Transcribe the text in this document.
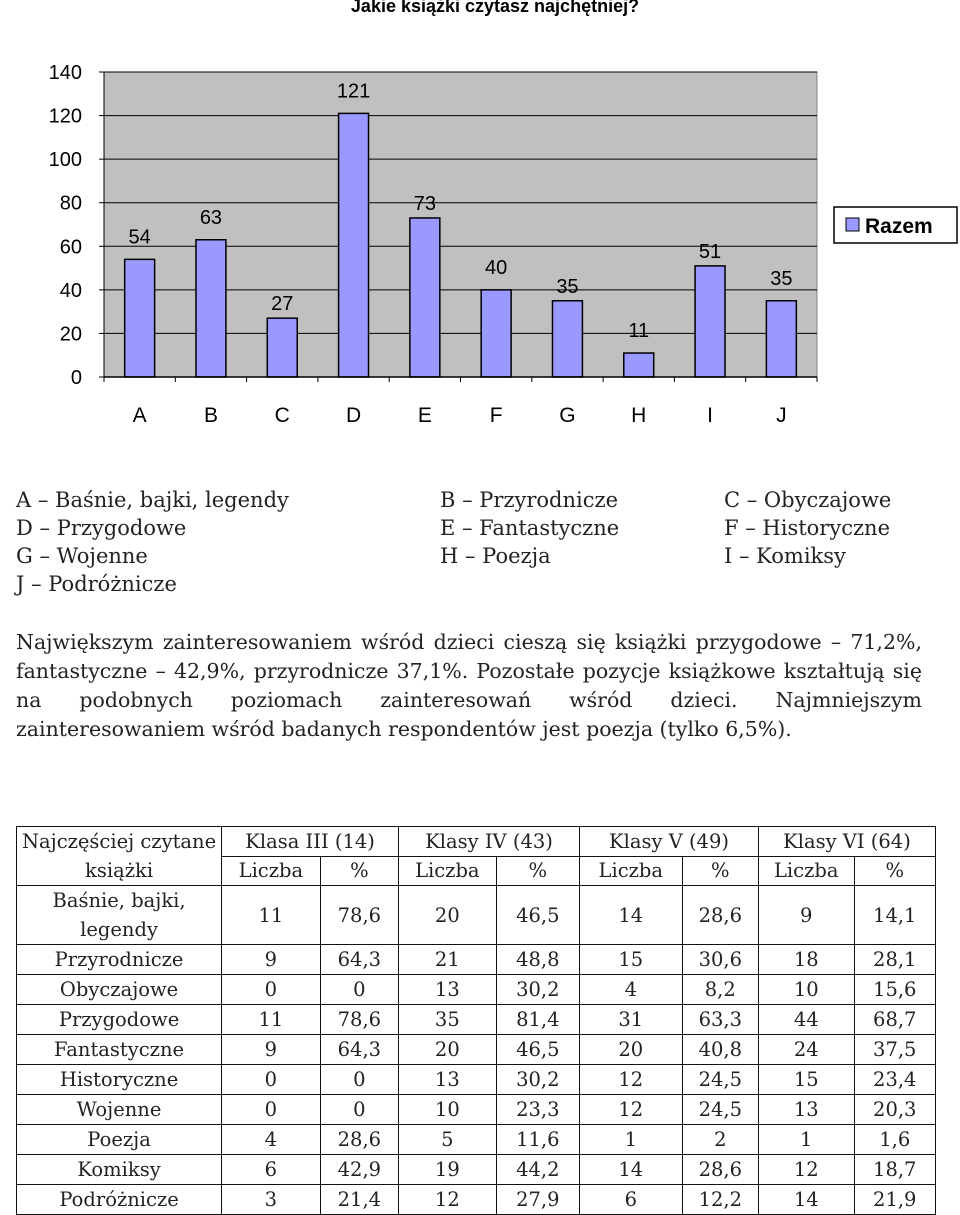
Jakie książki czytasz najchętniej?
54
63
27
121
73
40
35
11
51
35
0
20
40
60
80
100
120
140
A	B	C	D	E	F	G	H	I	J
Razem
A – Baśnie, bajki, legendy	B – Przyrodnicze	C – Obyczajowe
D – Przygodowe	E – Fantastyczne	F – Historyczne
G – Wojenne	H – Poezja	I – Komiksy
J – Podróżnicze

Największym zainteresowaniem wśród dzieci cieszą się książki przygodowe – 71,2%, fantastyczne – 42,9%, przyrodnicze 37,1%. Pozostałe pozycje książkowe kształtują się na podobnych poziomach zainteresowań wśród dzieci. Najmniejszym zainteresowaniem wśród badanych respondentów jest poezja (tylko 6,5%).

Najczęściej czytane książki	Klasa III (14)		Klasy IV (43)		Klasy V (49)		Klasy VI (64)	
	Liczba	%	Liczba	%	Liczba	%	Liczba	%
Baśnie, bajki, legendy	11	78,6	20	46,5	14	28,6	9	14,1
Przyrodnicze	9	64,3	21	48,8	15	30,6	18	28,1
Obyczajowe	0	0	13	30,2	4	8,2	10	15,6
Przygodowe	11	78,6	35	81,4	31	63,3	44	68,7
Fantastyczne	9	64,3	20	46,5	20	40,8	24	37,5
Historyczne	0	0	13	30,2	12	24,5	15	23,4
Wojenne	0	0	10	23,3	12	24,5	13	20,3
Poezja	4	28,6	5	11,6	1	2	1	1,6
Komiksy	6	42,9	19	44,2	14	28,6	12	18,7
Podróżnicze	3	21,4	12	27,9	6	12,2	14	21,9
